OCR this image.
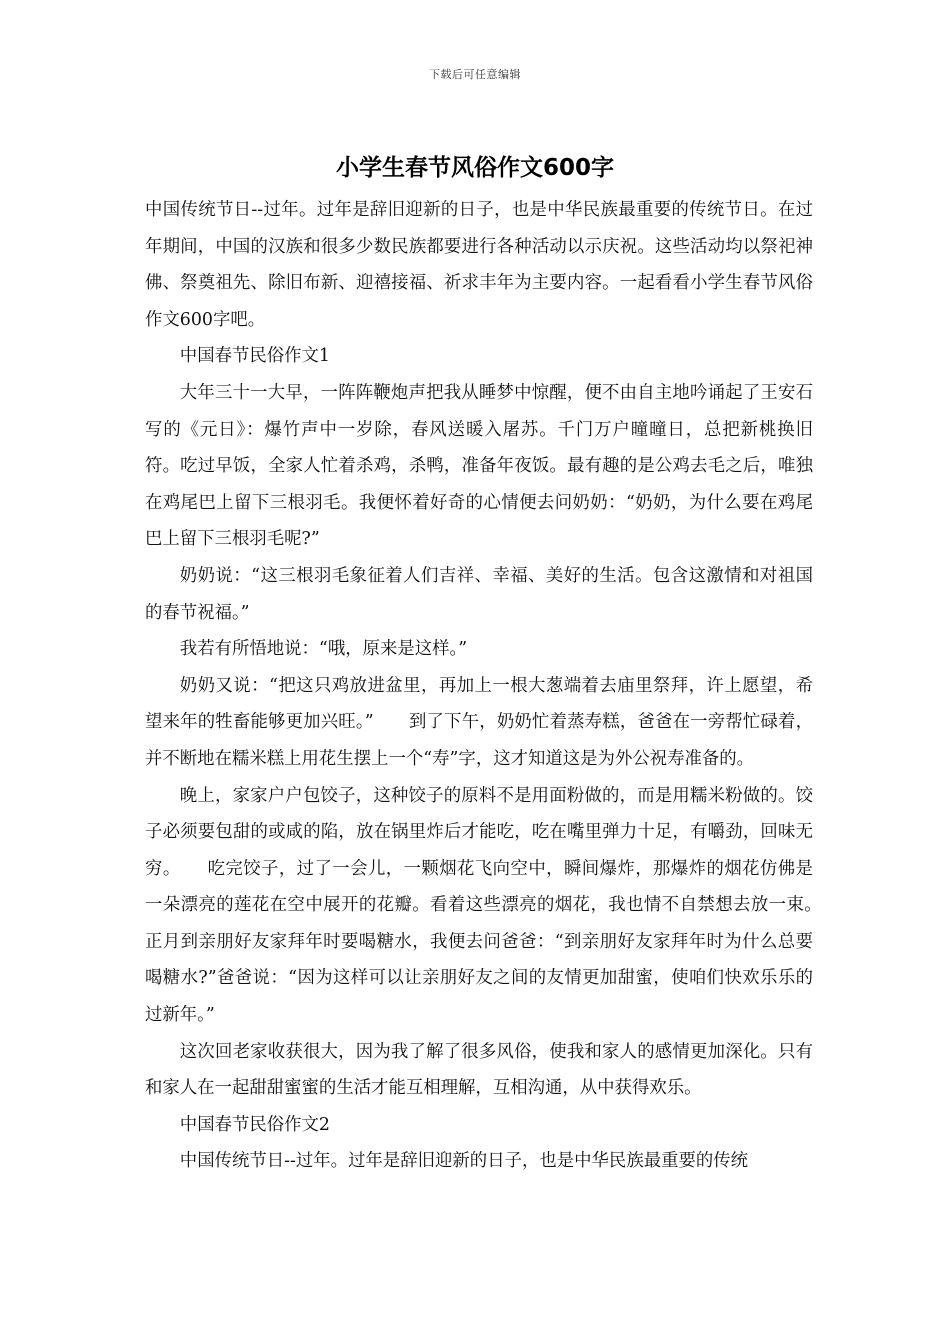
下载后可任意编辑
小学生春节风俗作文600字

中国传统节日--过年。过年是辞旧迎新的日子，也是中华民族最重要的传统节日。在过年期间，中国的汉族和很多少数民族都要进行各种活动以示庆祝。这些活动均以祭祀神佛、祭奠祖先、除旧布新、迎禧接福、祈求丰年为主要内容。一起看看小学生春节风俗作文600字吧。

中国春节民俗作文1

大年三十一大早，一阵阵鞭炮声把我从睡梦中惊醒，便不由自主地吟诵起了王安石写的《元日》：爆竹声中一岁除，春风送暖入屠苏。千门万户曈曈日，总把新桃换旧符。吃过早饭，全家人忙着杀鸡，杀鸭，准备年夜饭。最有趣的是公鸡去毛之后，唯独在鸡尾巴上留下三根羽毛。我便怀着好奇的心情便去问奶奶：“奶奶，为什么要在鸡尾巴上留下三根羽毛呢?”

奶奶说：“这三根羽毛象征着人们吉祥、幸福、美好的生活。包含这激情和对祖国的春节祝福。”

我若有所悟地说：“哦，原来是这样。”

奶奶又说：“把这只鸡放进盆里，再加上一根大葱端着去庙里祭拜，许上愿望，希望来年的牲畜能够更加兴旺。”　　到了下午，奶奶忙着蒸寿糕，爸爸在一旁帮忙碌着，并不断地在糯米糕上用花生摆上一个“寿”字，这才知道这是为外公祝寿准备的。

晚上，家家户户包饺子，这种饺子的原料不是用面粉做的，而是用糯米粉做的。饺子必须要包甜的或咸的陷，放在锅里炸后才能吃，吃在嘴里弹力十足，有嚼劲，回味无穷。　　吃完饺子，过了一会儿，一颗烟花飞向空中，瞬间爆炸，那爆炸的烟花仿佛是一朵漂亮的莲花在空中展开的花瓣。看着这些漂亮的烟花，我也情不自禁想去放一束。　　正月到亲朋好友家拜年时要喝糖水，我便去问爸爸：“到亲朋好友家拜年时为什么总要喝糖水?”爸爸说：“因为这样可以让亲朋好友之间的友情更加甜蜜，使咱们快欢乐乐的过新年。”

这次回老家收获很大，因为我了解了很多风俗，使我和家人的感情更加深化。只有和家人在一起甜甜蜜蜜的生活才能互相理解，互相沟通，从中获得欢乐。

中国春节民俗作文2

中国传统节日--过年。过年是辞旧迎新的日子，也是中华民族最重要的传统
